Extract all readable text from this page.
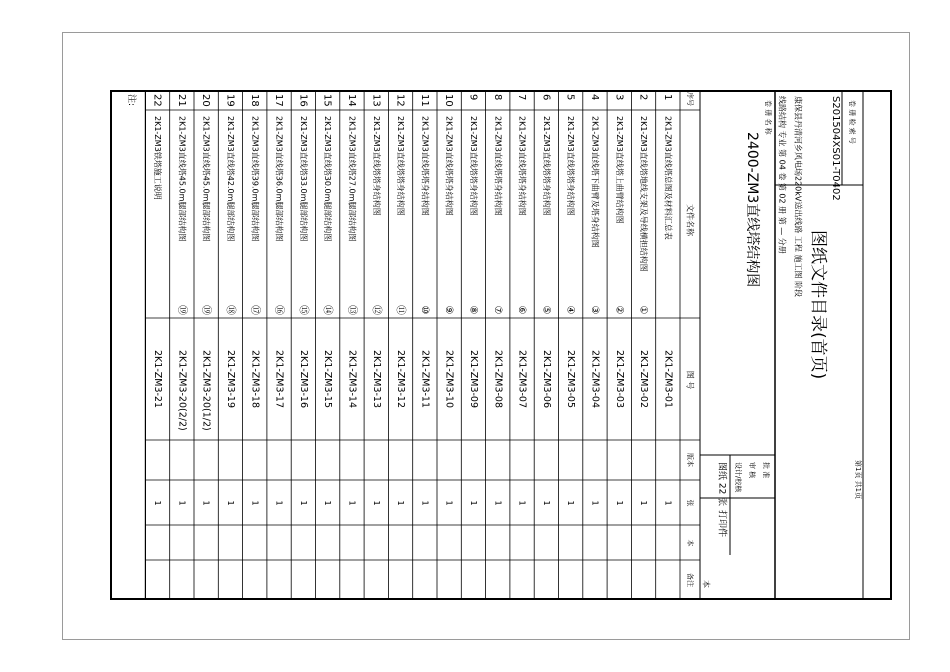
卷 册 检 索 号
S201504XS01-T0402
图纸文件目录(首页)
康保县丹清河乡风电场220kV送出线路 工程 施工图 阶段
线路结构 专业 第 04 卷 第 02 册 第 — 分册
卷 册 名 称
2400-ZM3直线塔结构图
第1页 共1页
批 准
审 核
设计/校核
图纸 22 张
打印件
本
序号
文件名称
图 号
版本
张
本
备注
1
2K1-ZM3直线塔总图及材料汇总表
2K1-ZM3-01
1
2
2K1-ZM3直线塔地线支架及导线横担结构图
①
2K1-ZM3-02
1
3
2K1-ZM3直线塔上曲臂结构图
②
2K1-ZM3-03
1
4
2K1-ZM3直线塔下曲臂及塔身结构图
③
2K1-ZM3-04
1
5
2K1-ZM3直线塔塔身结构图
④
2K1-ZM3-05
1
6
2K1-ZM3直线塔塔身结构图
⑤
2K1-ZM3-06
1
7
2K1-ZM3直线塔塔身结构图
⑥
2K1-ZM3-07
1
8
2K1-ZM3直线塔塔身结构图
⑦
2K1-ZM3-08
1
9
2K1-ZM3直线塔塔身结构图
⑧
2K1-ZM3-09
1
10
2K1-ZM3直线塔塔身结构图
⑨
2K1-ZM3-10
1
11
2K1-ZM3直线塔塔身结构图
⑩
2K1-ZM3-11
1
12
2K1-ZM3直线塔塔身结构图
⑪
2K1-ZM3-12
1
13
2K1-ZM3直线塔塔身结构图
⑫
2K1-ZM3-13
1
14
2K1-ZM3直线塔27.0m腿部结构图
⑬
2K1-ZM3-14
1
15
2K1-ZM3直线塔30.0m腿部结构图
⑭
2K1-ZM3-15
1
16
2K1-ZM3直线塔33.0m腿部结构图
⑮
2K1-ZM3-16
1
17
2K1-ZM3直线塔36.0m腿部结构图
⑯
2K1-ZM3-17
1
18
2K1-ZM3直线塔39.0m腿部结构图
⑰
2K1-ZM3-18
1
19
2K1-ZM3直线塔42.0m腿部结构图
⑱
2K1-ZM3-19
1
20
2K1-ZM3直线塔45.0m腿部结构图
⑲
2K1-ZM3-20(1/2)
1
21
2K1-ZM3直线塔45.0m腿部结构图
⑲
2K1-ZM3-20(2/2)
1
22
2K1-ZM3铁塔施工说明
2K1-ZM3-21
1
注:
